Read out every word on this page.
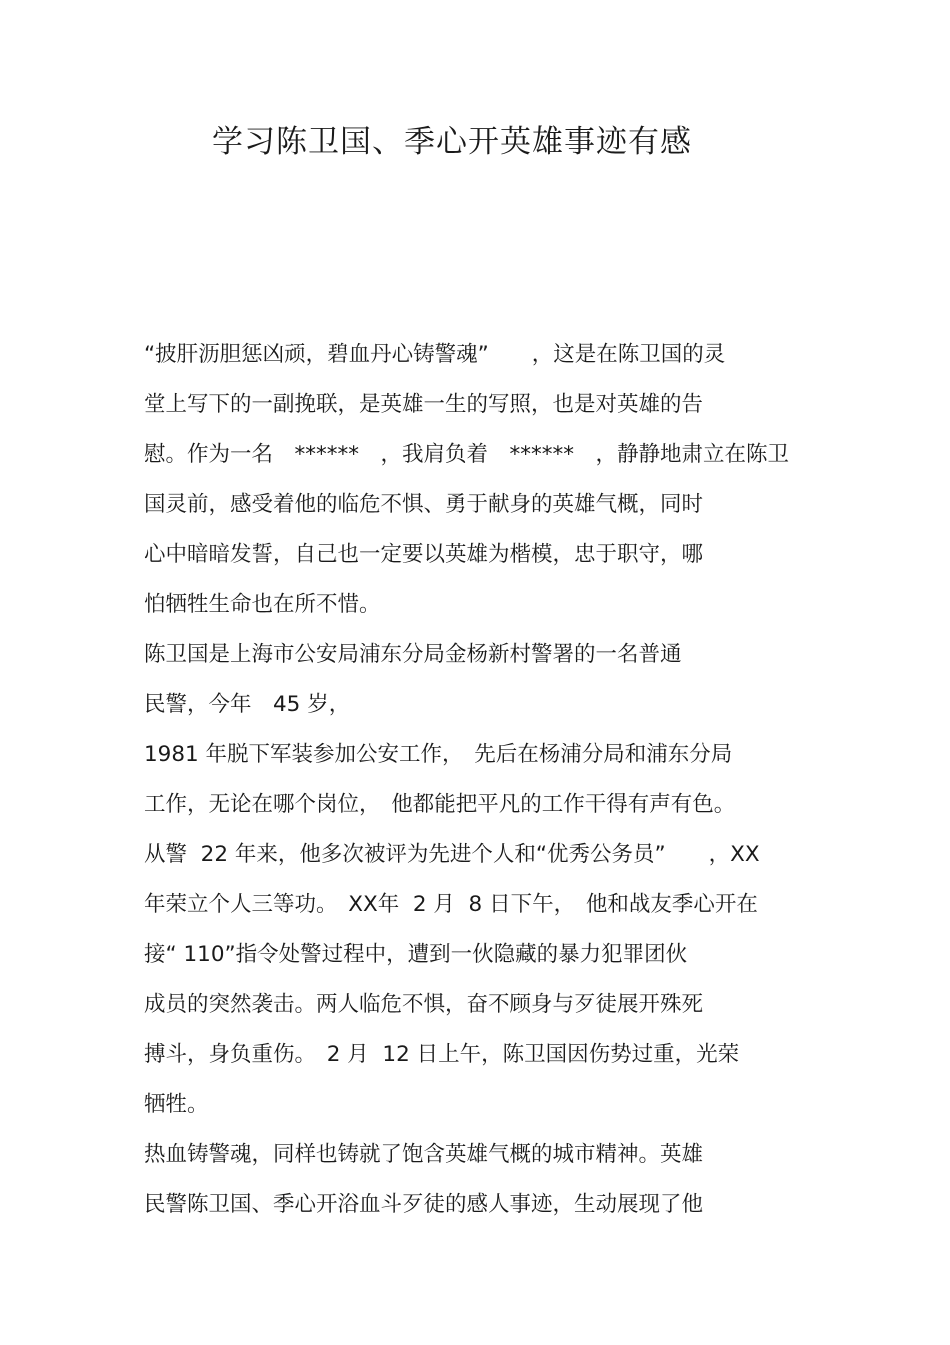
学习陈卫国、季心开英雄事迹有感
“披肝沥胆惩凶顽，碧血丹心铸警魂”　　，这是在陈卫国的灵
堂上写下的一副挽联，是英雄一生的写照，也是对英雄的告
慰。作为一名　******　，我肩负着　******　，静静地肃立在陈卫
国灵前，感受着他的临危不惧、勇于献身的英雄气概，同时
心中暗暗发誓，自己也一定要以英雄为楷模，忠于职守，哪
怕牺牲生命也在所不惜。
陈卫国是上海市公安局浦东分局金杨新村警署的一名普通
民警，今年　45 岁，
1981 年脱下军装参加公安工作，　先后在杨浦分局和浦东分局
工作，无论在哪个岗位，　他都能把平凡的工作干得有声有色。
从警  22 年来，他多次被评为先进个人和“优秀公务员”　　，XX
年荣立个人三等功。　XX年  2 月  8 日下午，　他和战友季心开在
接“ 110”指令处警过程中，遭到一伙隐藏的暴力犯罪团伙
成员的突然袭击。两人临危不惧，奋不顾身与歹徒展开殊死
搏斗，身负重伤。　2 月  12 日上午，陈卫国因伤势过重，光荣
牺牲。
热血铸警魂，同样也铸就了饱含英雄气概的城市精神。英雄
民警陈卫国、季心开浴血斗歹徒的感人事迹，生动展现了他
